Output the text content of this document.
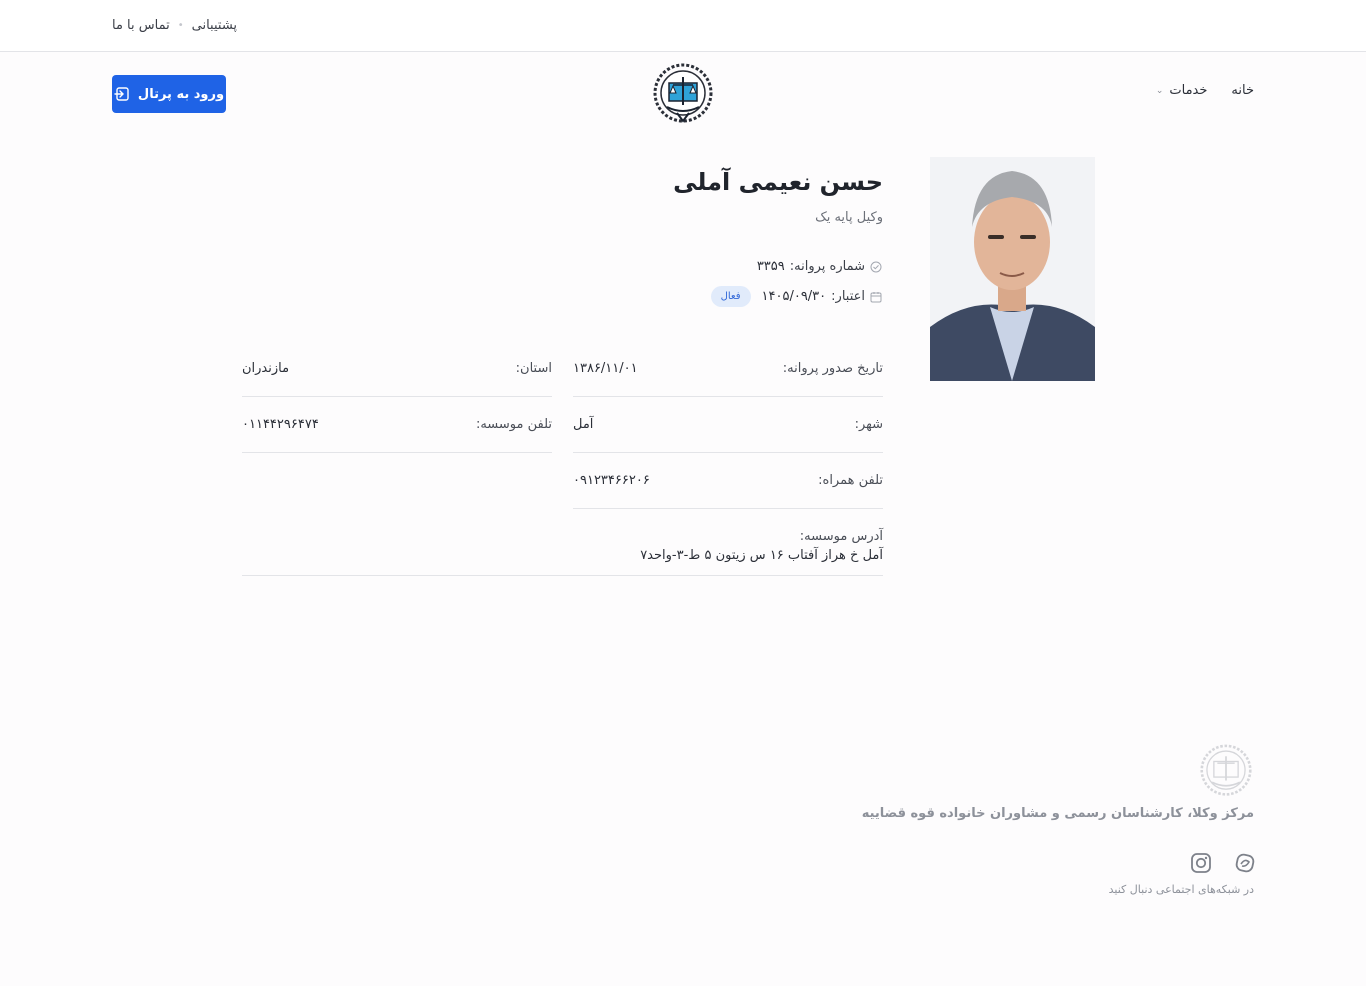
پشتیبانی
•
تماس با ما
خانه
خدمات
⌄
ورود به پرتال
حسن نعیمی آملی
وکیل پایه یک
شماره پروانه:
۳۳۵۹
اعتبار:
۱۴۰۵/۰۹/۳۰
فعال
تاریخ صدور پروانه:
۱۳۸۶/۱۱/۰۱
استان:
مازندران
شهر:
آمل
تلفن موسسه:
۰۱۱۴۴۲۹۶۴۷۴
تلفن همراه:
۰۹۱۲۳۴۶۶۲۰۶
آدرس موسسه:
آمل خ هراز آفتاب ۱۶ س زیتون ۵ ط-۳-واحد۷
مرکز وکلا، کارشناسان رسمی و مشاوران خانواده قوه قضاییه
در شبکه‌های اجتماعی دنبال کنید
